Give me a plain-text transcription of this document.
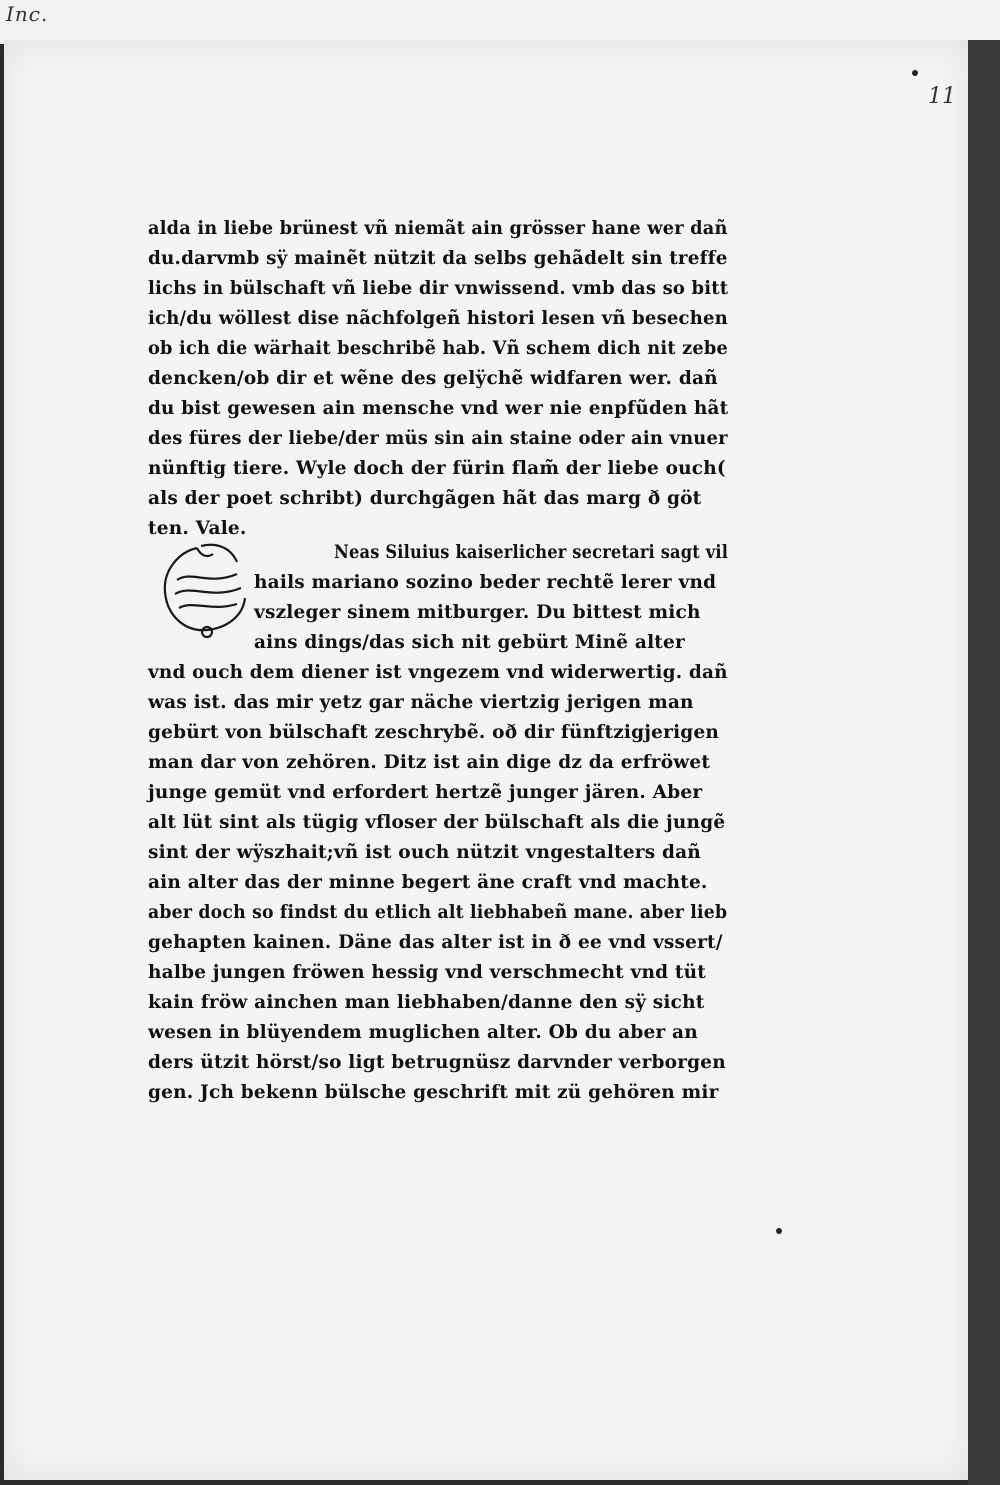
Inc.
11
alda in liebe brünest vñ niemãt ain grösser hane wer dañ
du.darvmb sÿ mainẽt nützit da selbs gehãdelt sin treffe
lichs in bülschaft vñ liebe dir vnwissend. vmb das so bitt
ich/du wöllest dise nãchfolgeñ histori lesen vñ besechen
ob ich die wärhait beschribẽ hab. Vñ schem dich nit zebe
dencken/ob dir et wẽne des gelÿchẽ widfaren wer. dañ
du bist gewesen ain mensche vnd wer nie enpfũden hãt
des füres der liebe/der müs sin ain staine oder ain vnuer
nünftig tiere. Wyle doch der fürin flam̃ der liebe ouch(
als der poet schribt) durchgãgen hãt das marg ð göt
ten. Vale.
Neas Siluius kaiserlicher secretari sagt vil
hails mariano sozino beder rechtẽ lerer vnd
vszleger sinem mitburger. Du bittest mich
ains dings/das sich nit gebürt Minẽ alter
vnd ouch dem diener ist vngezem vnd widerwertig. dañ
was ist. das mir yetz gar näche viertzig jerigen man
gebürt von bülschaft zeschrybẽ. oð dir fünftzigjerigen
man dar von zehören. Ditz ist ain dige dz da erfröwet
junge gemüt vnd erfordert hertzẽ junger jären. Aber
alt lüt sint als tügig vfloser der bülschaft als die jungẽ
sint der wÿszhait;vñ ist ouch nützit vngestalters dañ
ain alter das der minne begert äne craft vnd machte.
aber doch so findst du etlich alt liebhabeñ mane. aber lieb
gehapten kainen. Däne das alter ist in ð ee vnd vssert/
halbe jungen fröwen hessig vnd verschmecht vnd tüt
kain fröw ainchen man liebhaben/danne den sÿ sicht
wesen in blüyendem muglichen alter. Ob du aber an
ders ützit hörst/so ligt betrugnüsz darvnder verborgen
gen. Jch bekenn bülsche geschrift mit zü gehören mir
